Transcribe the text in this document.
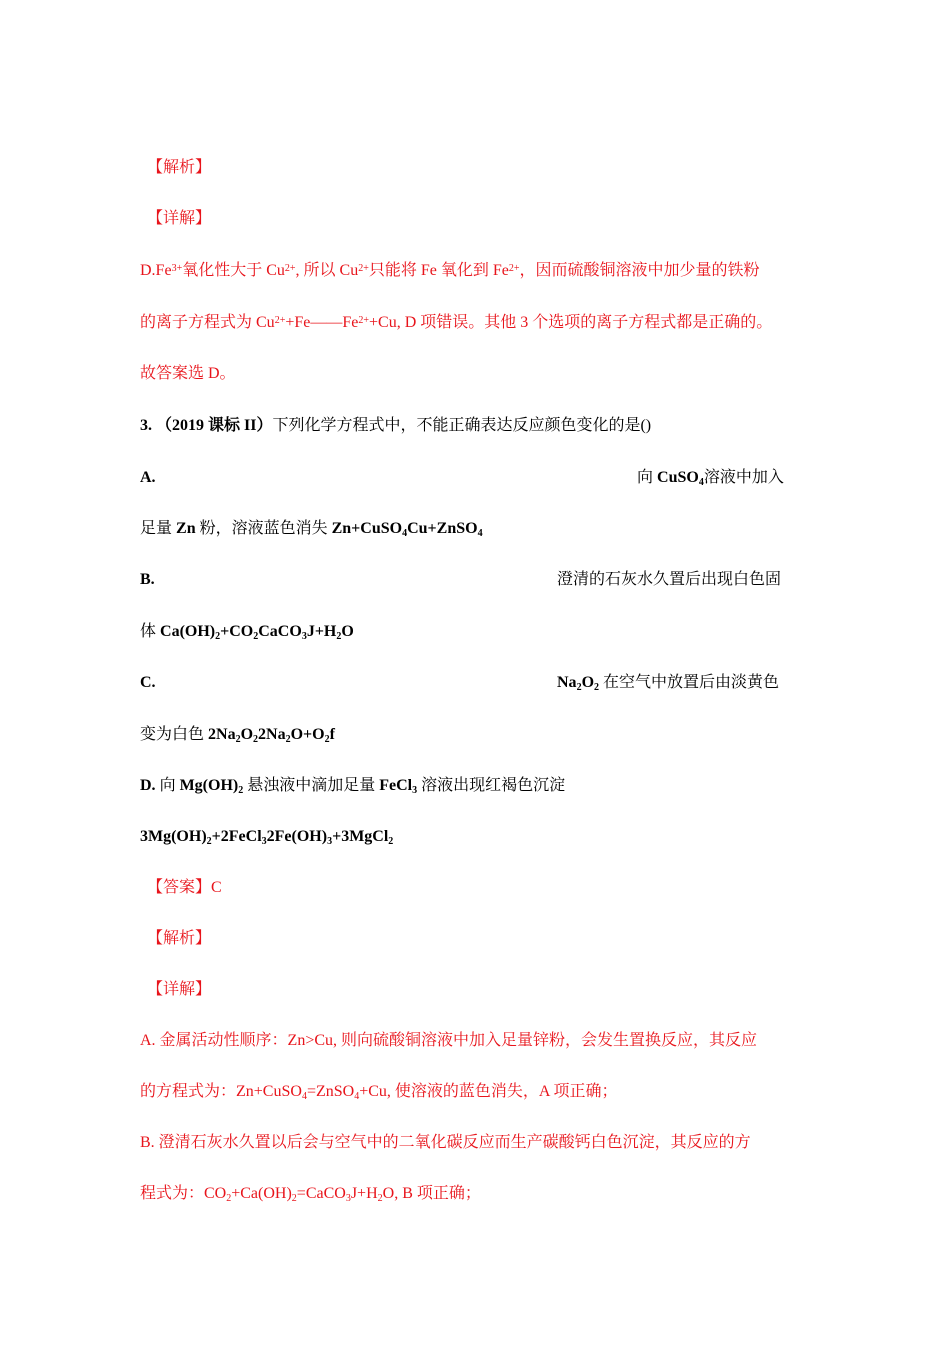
【解析】
【详解】
$D.Fe^{3+}$氧化性大于 $Cu^{2+}$, 所以 $Cu^{2+}$只能将 Fe 氧化到 $Fe^{2+}$，因而硫酸铜溶液中加少量的铁粉
的离子方程式为 $Cu^{2+}+Fe——Fe^{2+}+Cu$, D 项错误。其他 3 个选项的离子方程式都是正确的。
故答案选 D。
3. （2019 课标 II）下列化学方程式中，不能正确表达反应颜色变化的是()
A.	向 CuSO$_4$溶液中加入
足量 Zn 粉，溶液蓝色消失 Zn+CuSO$_4$Cu+ZnSO$_4$
B.	澄清的石灰水久置后出现白色固
体 $Ca(OH)_2+CO_2CaCO_3J+H_2O$
C.	$Na_2O_2$ 在空气中放置后由淡黄色
变为白色 $2Na_2O_22Na_2O+O_2f$
D. 向 $Mg(OH)_2$ 悬浊液中滴加足量 FeCl$_3$ 溶液出现红褐色沉淀
$3Mg(OH)_2+2FeCl_32Fe(OH)_3+3MgCl_2$
【答案】C
【解析】
【详解】
A. 金属活动性顺序：Zn>Cu, 则向硫酸铜溶液中加入足量锌粉，会发生置换反应，其反应
的方程式为：Zn+CuSO$_4$=ZnSO$_4$+Cu, 使溶液的蓝色消失，A 项正确；
B. 澄清石灰水久置以后会与空气中的二氧化碳反应而生产碳酸钙白色沉淀，其反应的方
程式为：$CO_2+Ca(OH)_2=CaCO_3J+H_2O$, B 项正确；
